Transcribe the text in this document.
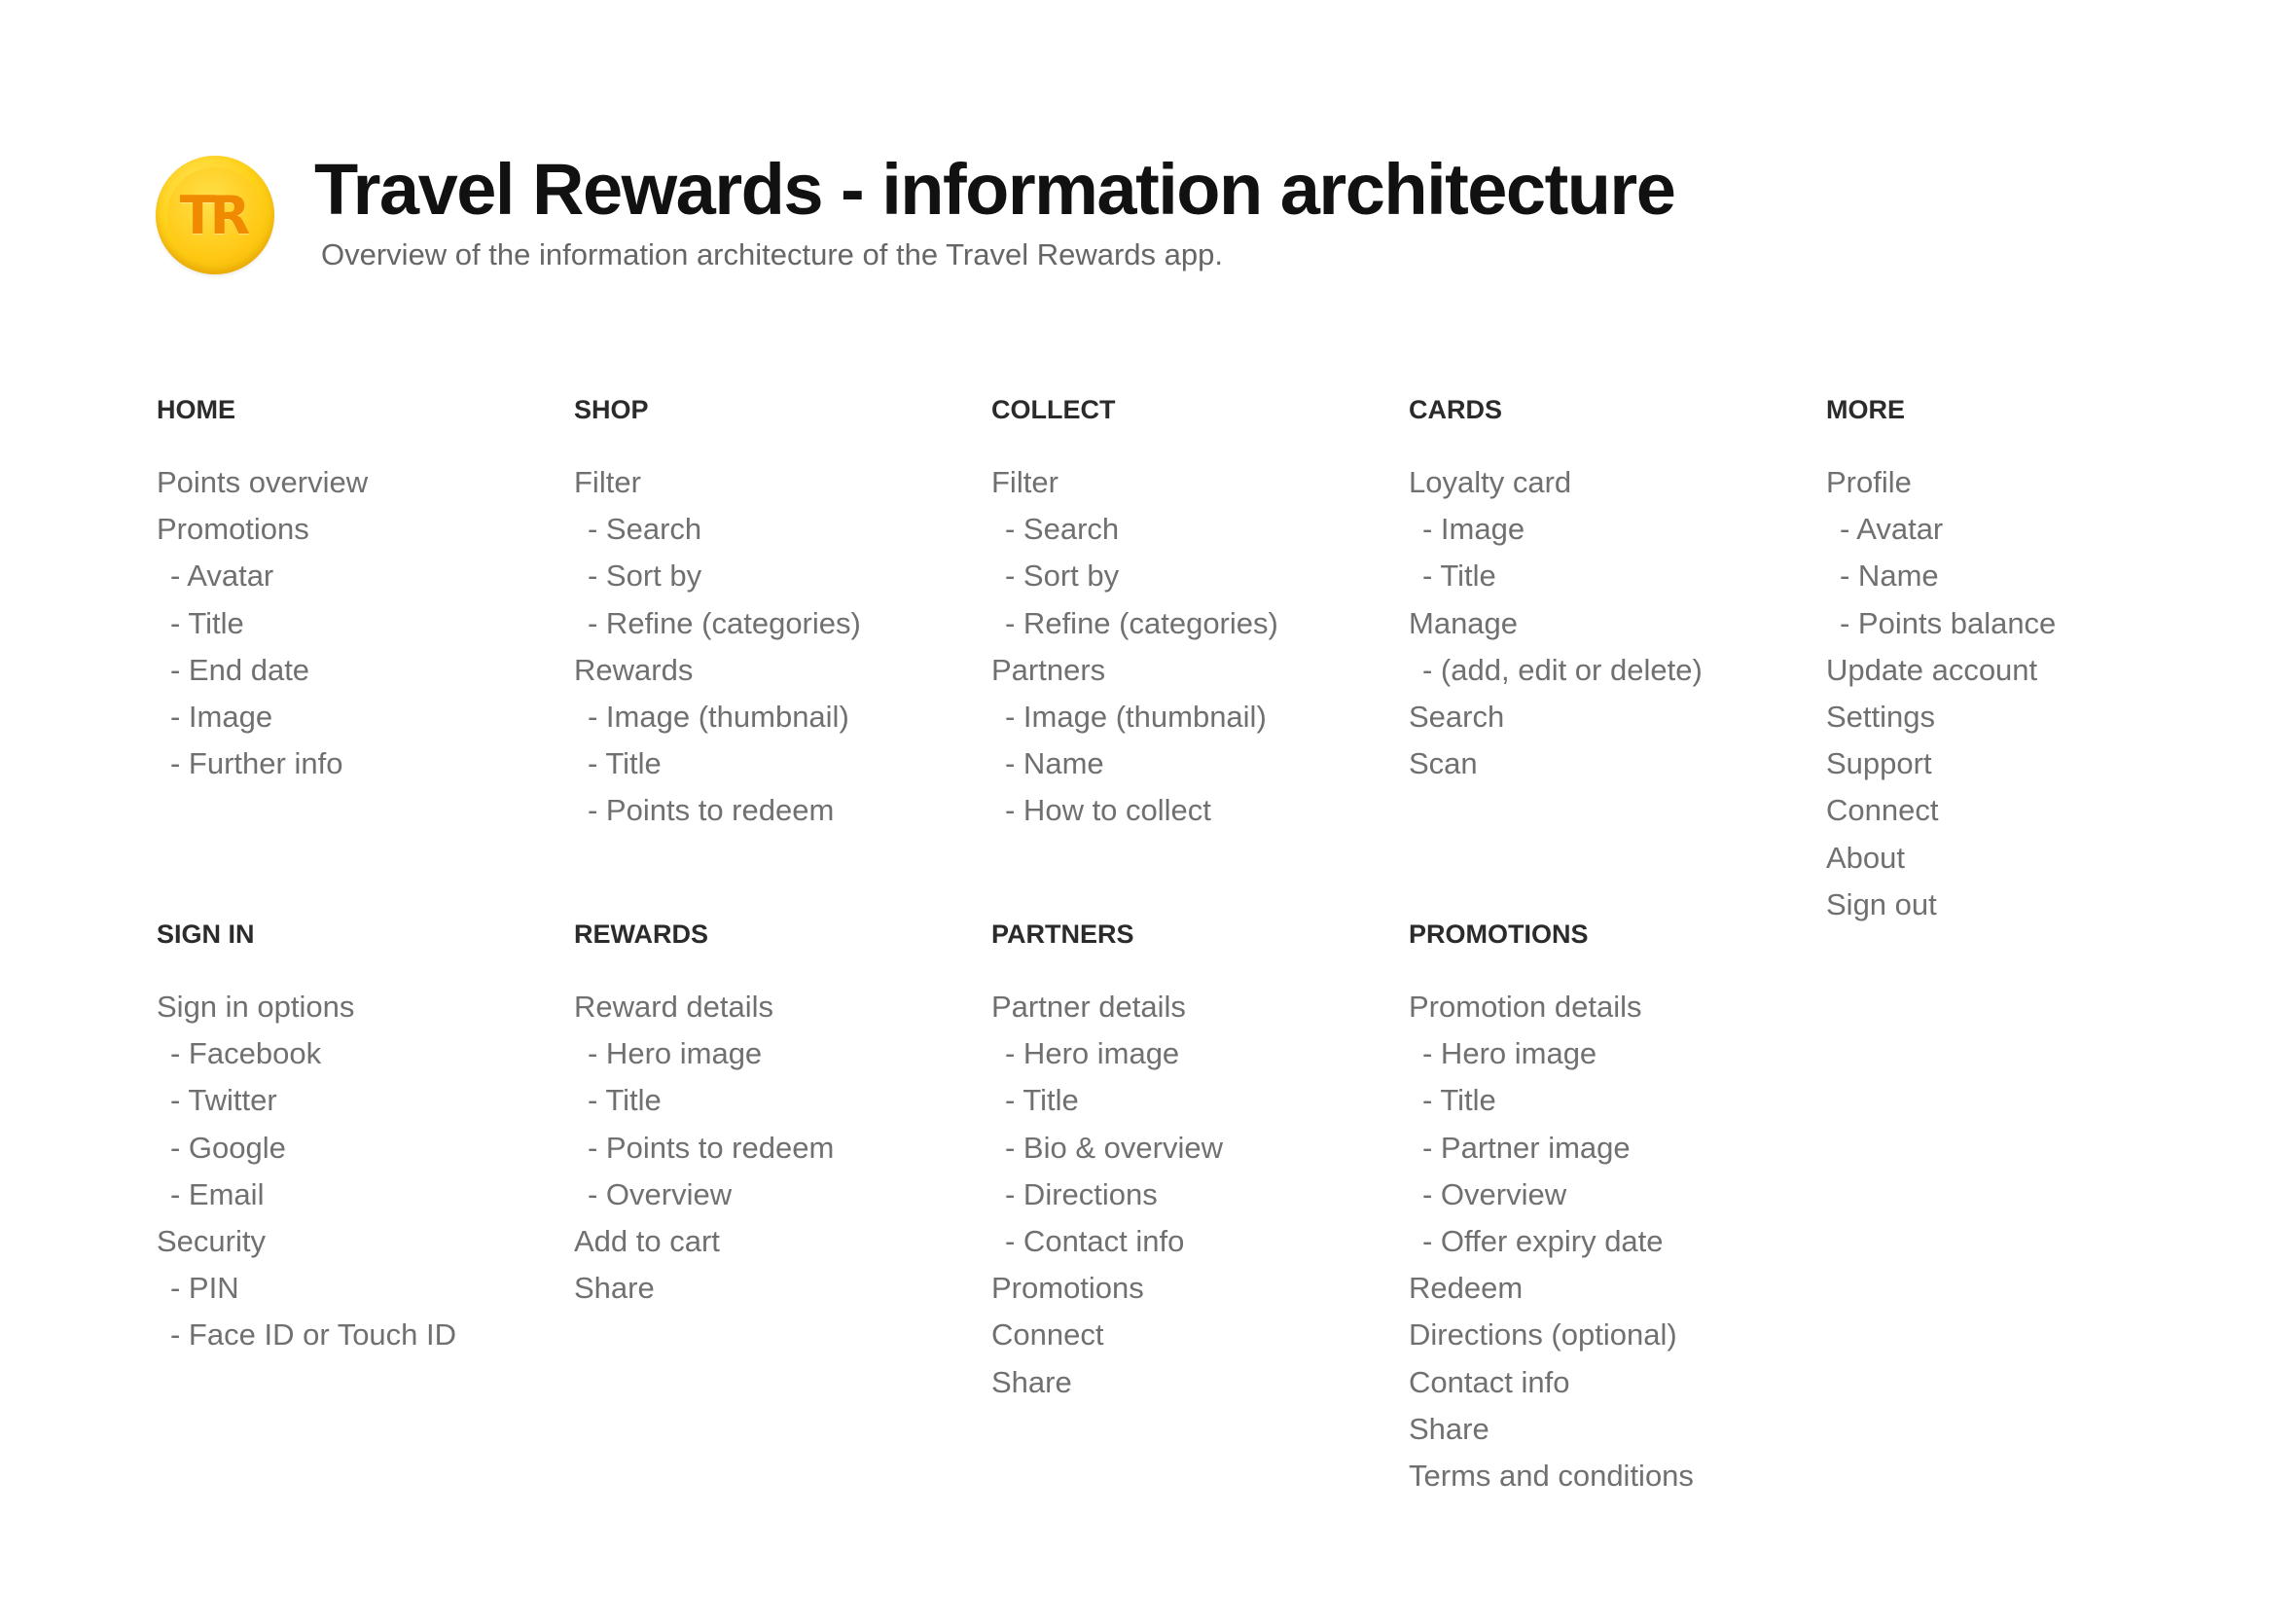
TR Travel Rewards - information architecture
Overview of the information architecture of the Travel Rewards app.
HOME
Points overview
Promotions
- Avatar
- Title
- End date
- Image
- Further info
SHOP
Filter
- Search
- Sort by
- Refine (categories)
Rewards
- Image (thumbnail)
- Title
- Points to redeem
COLLECT
Filter
- Search
- Sort by
- Refine (categories)
Partners
- Image (thumbnail)
- Name
- How to collect
CARDS
Loyalty card
- Image
- Title
Manage
- (add, edit or delete)
Search
Scan
MORE
Profile
- Avatar
- Name
- Points balance
Update account
Settings
Support
Connect
About
Sign out
SIGN IN
Sign in options
- Facebook
- Twitter
- Google
- Email
Security
- PIN
- Face ID or Touch ID
REWARDS
Reward details
- Hero image
- Title
- Points to redeem
- Overview
Add to cart
Share
PARTNERS
Partner details
- Hero image
- Title
- Bio & overview
- Directions
- Contact info
Promotions
Connect
Share
PROMOTIONS
Promotion details
- Hero image
- Title
- Partner image
- Overview
- Offer expiry date
Redeem
Directions (optional)
Contact info
Share
Terms and conditions
